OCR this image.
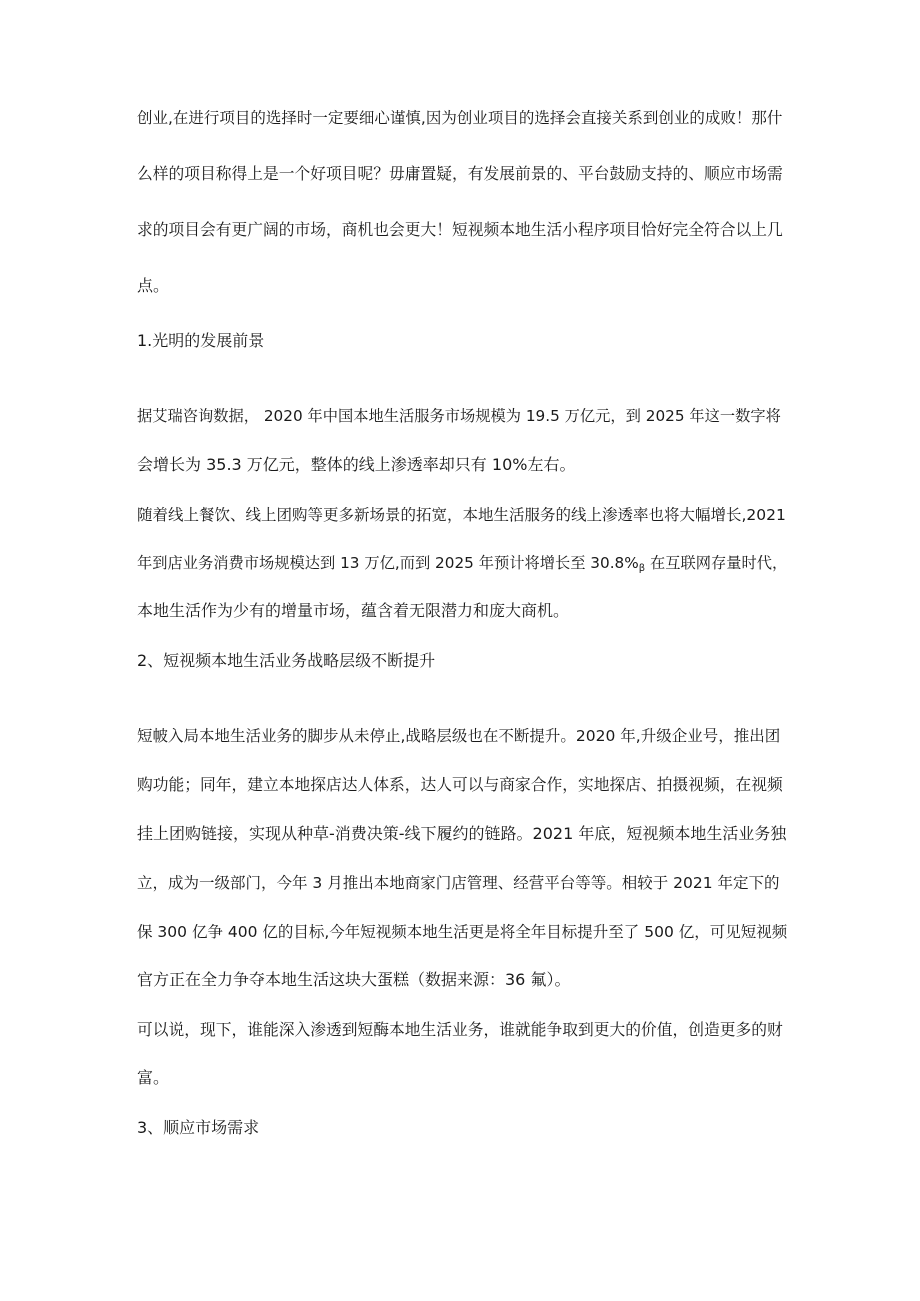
创业,在进行项目的选择时一定要细心谨慎,因为创业项目的选择会直接关系到创业的成败！那什
么样的项目称得上是一个好项目呢？毋庸置疑，有发展前景的、平台鼓励支持的、顺应市场需
求的项目会有更广阔的市场，商机也会更大！短视频本地生活小程序项目恰好完全符合以上几
点。
1.光明的发展前景
据艾瑞咨询数据， 2020 年中国本地生活服务市场规模为 19.5 万亿元，到 2025 年这一数字将
会增长为 35.3 万亿元，整体的线上渗透率却只有 10%左右。
随着线上餐饮、线上团购等更多新场景的拓宽，本地生活服务的线上渗透率也将大幅增长,2021
年到店业务消费市场规模达到 13 万亿,而到 2025 年预计将增长至 $30.8\%_\beta$ 在互联网存量时代，
本地生活作为少有的增量市场，蕴含着无限潜力和庞大商机。
2、短视频本地生活业务战略层级不断提升
短帔入局本地生活业务的脚步从未停止,战略层级也在不断提升。2020 年,升级企业号，推出团
购功能；同年，建立本地探店达人体系，达人可以与商家合作，实地探店、拍摄视频，在视频
挂上团购链接，实现从种草-消费决策-线下履约的链路。2021 年底，短视频本地生活业务独
立，成为一级部门，今年 3 月推出本地商家门店管理、经营平台等等。相较于 2021 年定下的
保 300 亿争 400 亿的目标,今年短视频本地生活更是将全年目标提升至了 500 亿，可见短视频
官方正在全力争夺本地生活这块大蛋糕（数据来源：36 氟）。
可以说，现下，谁能深入渗透到短酶本地生活业务，谁就能争取到更大的价值，创造更多的财
富。
3、顺应市场需求
